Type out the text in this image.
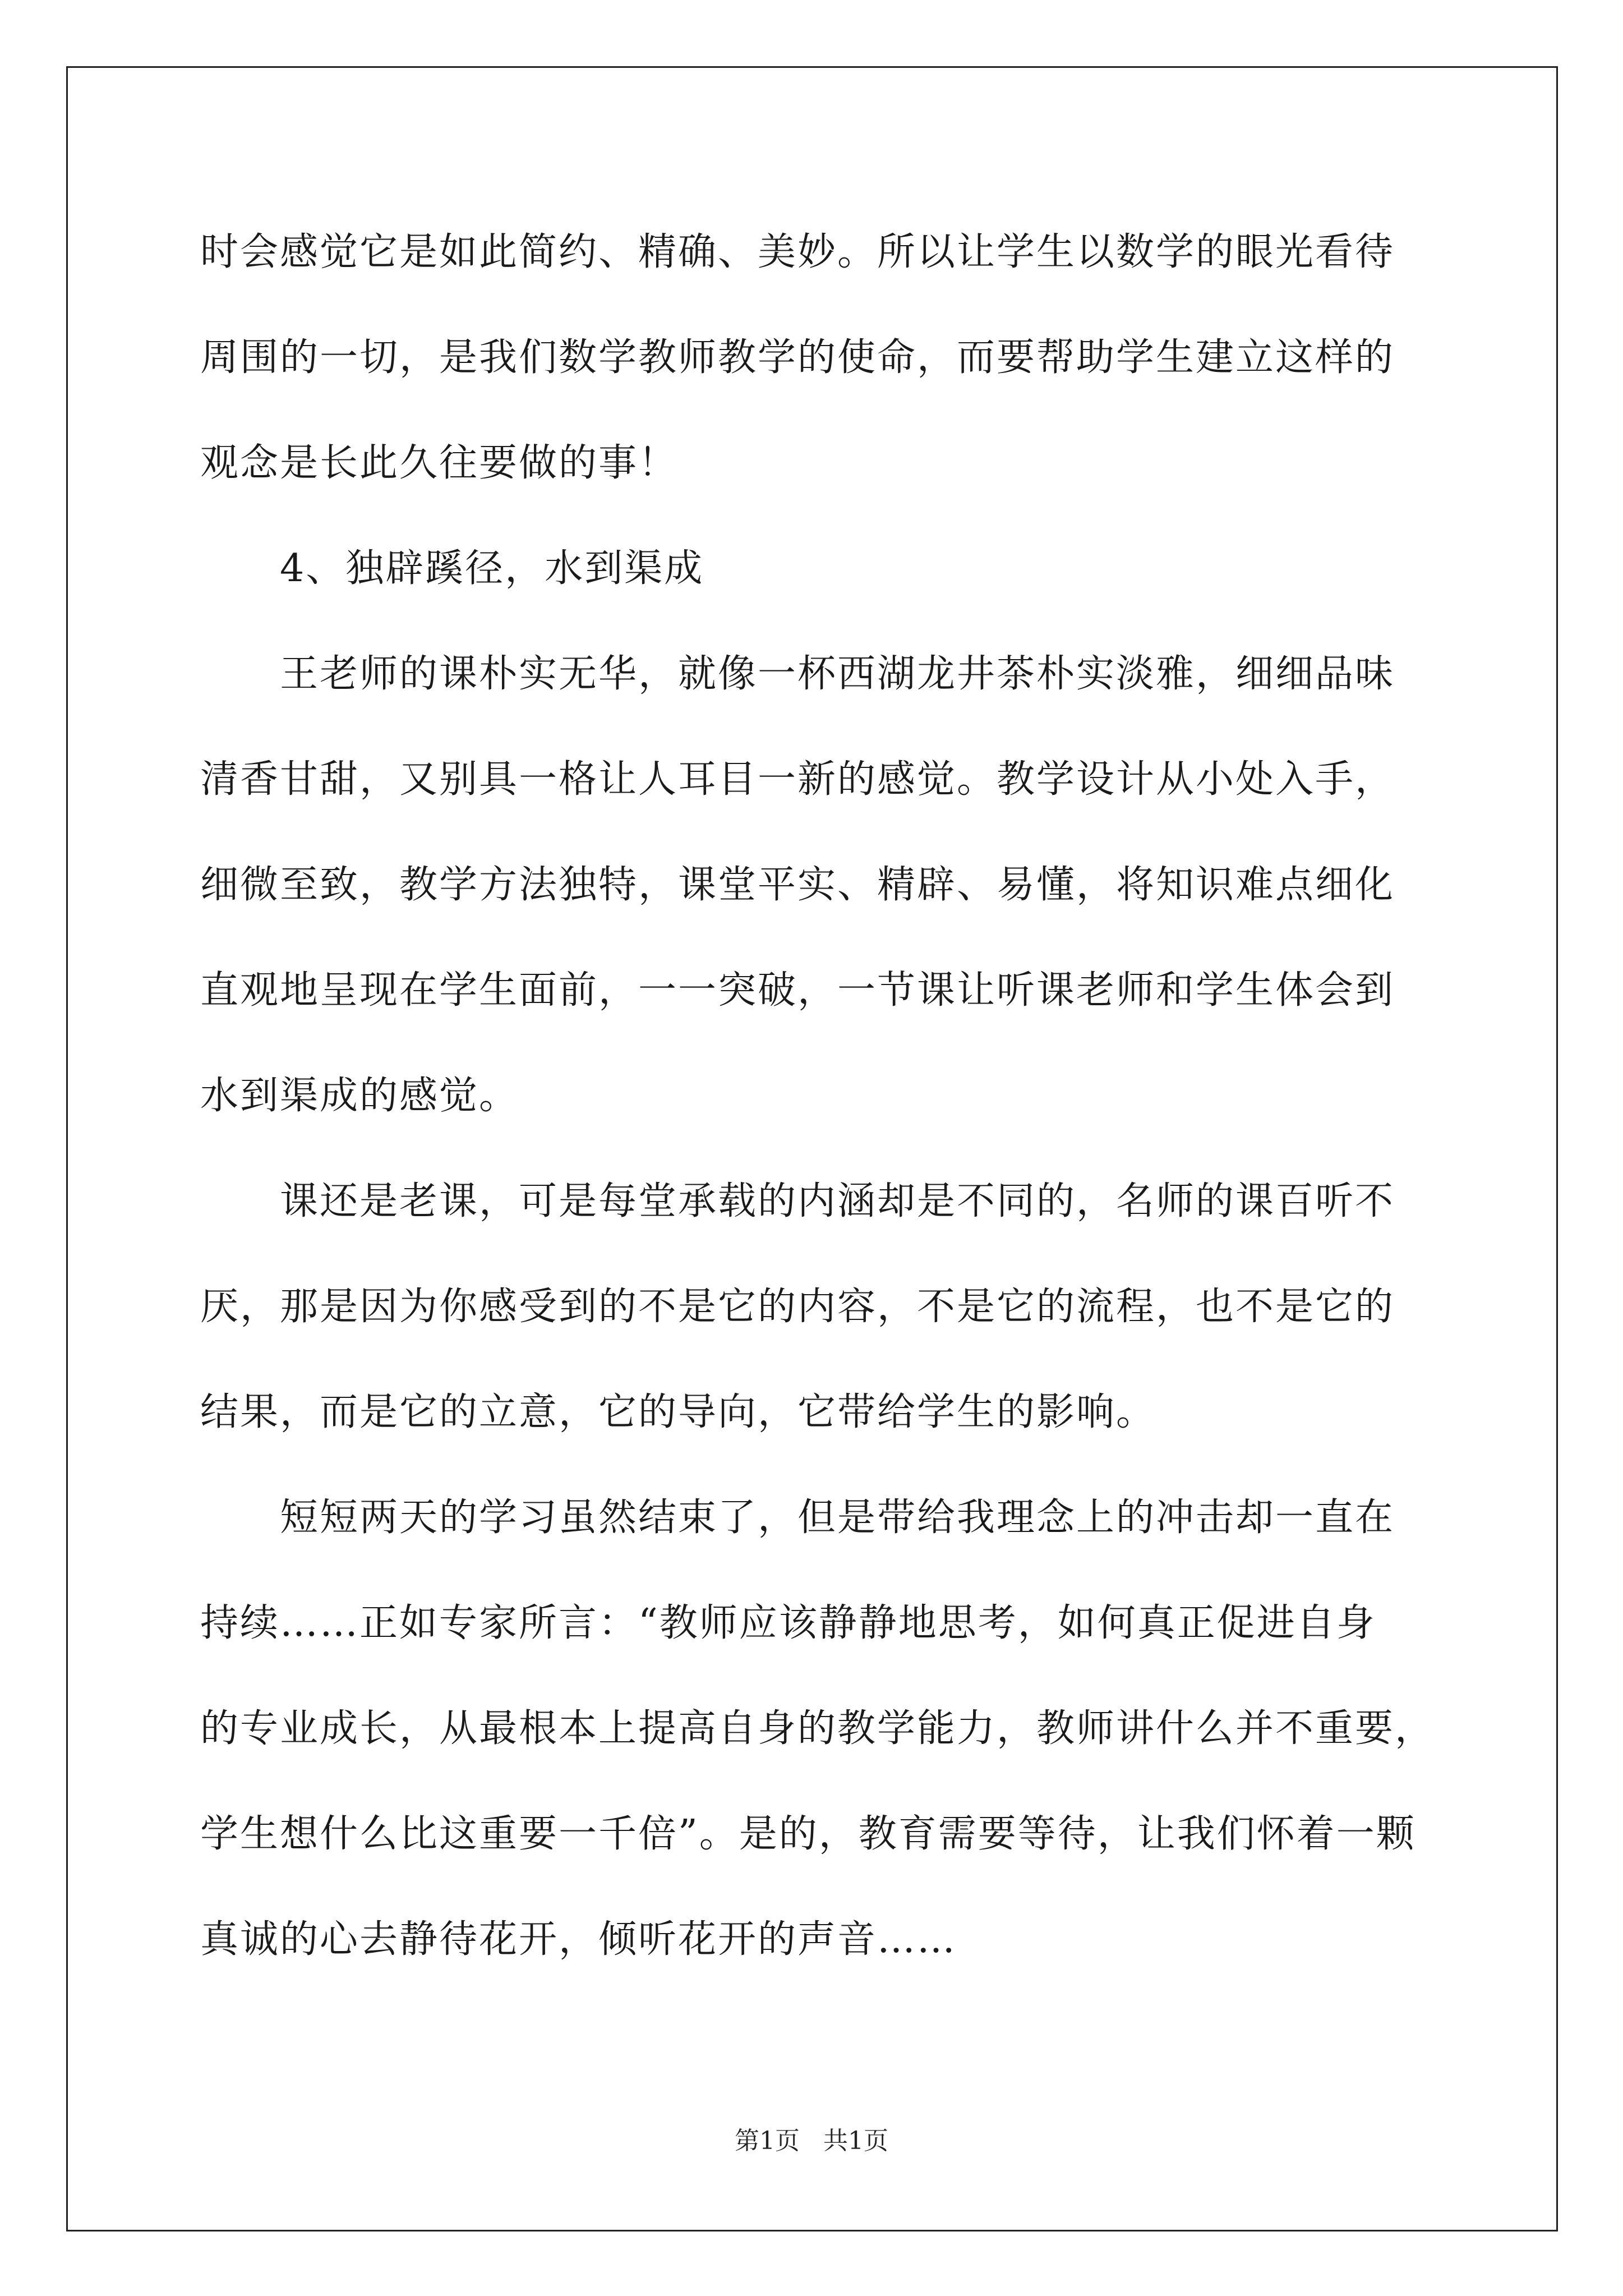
时会感觉它是如此简约、精确、美妙。所以让学生以数学的眼光看待
周围的一切，是我们数学教师教学的使命，而要帮助学生建立这样的
观念是长此久往要做的事！
4、独辟蹊径，水到渠成
王老师的课朴实无华，就像一杯西湖龙井茶朴实淡雅，细细品味
清香甘甜，又别具一格让人耳目一新的感觉。教学设计从小处入手，
细微至致，教学方法独特，课堂平实、精辟、易懂，将知识难点细化
直观地呈现在学生面前，一一突破，一节课让听课老师和学生体会到
水到渠成的感觉。
课还是老课，可是每堂承载的内涵却是不同的，名师的课百听不
厌，那是因为你感受到的不是它的内容，不是它的流程，也不是它的
结果，而是它的立意，它的导向，它带给学生的影响。
短短两天的学习虽然结束了，但是带给我理念上的冲击却一直在
持续……正如专家所言：“教师应该静静地思考，如何真正促进自身
的专业成长，从最根本上提高自身的教学能力，教师讲什么并不重要，
学生想什么比这重要一千倍”。是的，教育需要等待，让我们怀着一颗
真诚的心去静待花开，倾听花开的声音……
第1页 共1页
